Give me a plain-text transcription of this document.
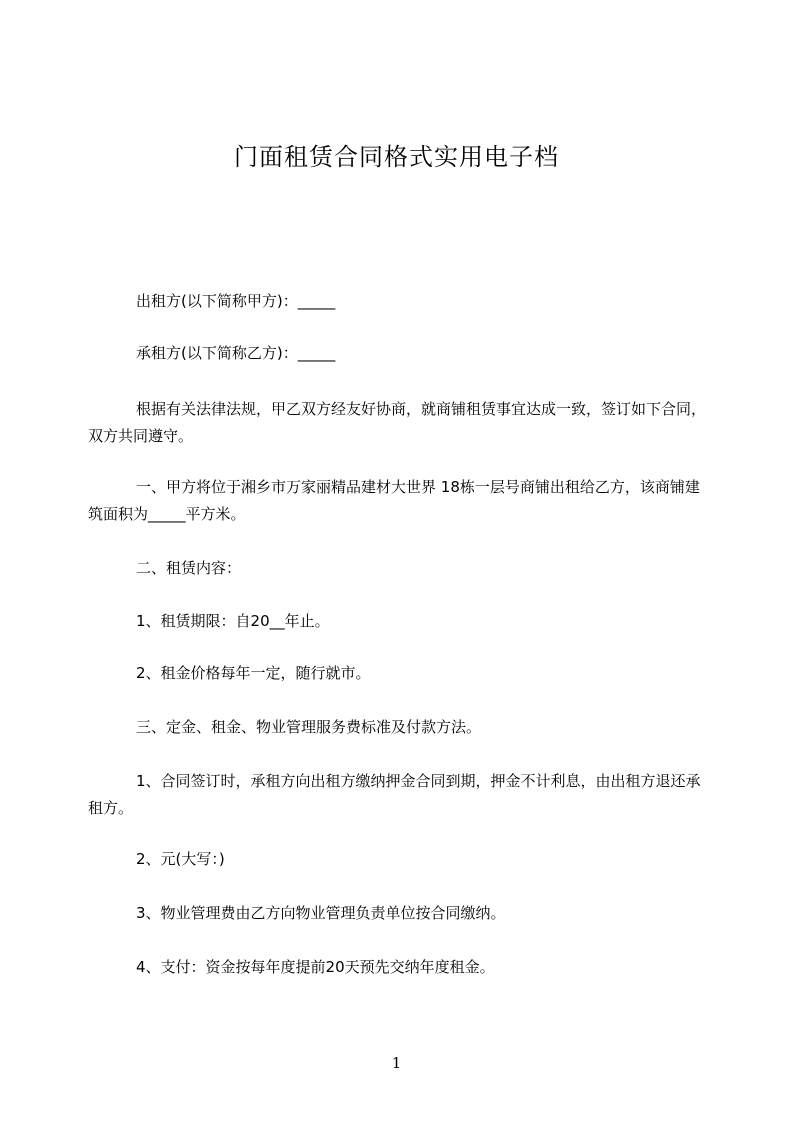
门面租赁合同格式实用电子档
出租方(以下简称甲方)：_____
承租方(以下简称乙方)：_____
根据有关法律法规，甲乙双方经友好协商，就商铺租赁事宜达成一致，签订如下合同，双方共同遵守。
一、甲方将位于湘乡市万家丽精品建材大世界 18栋一层号商铺出租给乙方，该商铺建筑面积为_____平方米。
二、租赁内容：
1、租赁期限：自20__年止。
2、租金价格每年一定，随行就市。
三、定金、租金、物业管理服务费标准及付款方法。
1、合同签订时，承租方向出租方缴纳押金合同到期，押金不计利息，由出租方退还承租方。
2、元(大写：)
3、物业管理费由乙方向物业管理负责单位按合同缴纳。
4、支付：资金按每年度提前20天预先交纳年度租金。
1
